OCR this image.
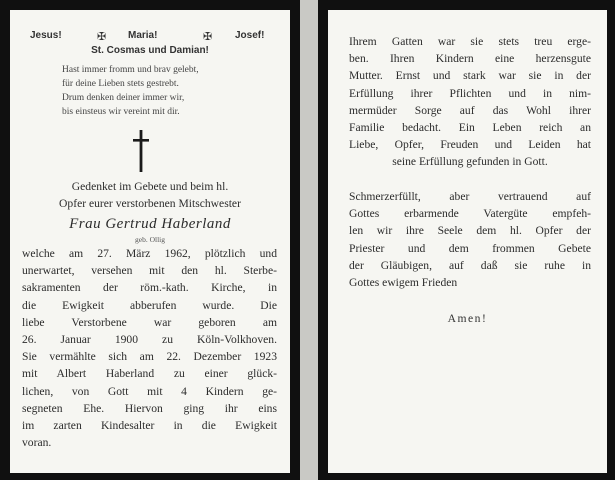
Jesus!	✠ Maria!	✠ Josef!
St. Cosmas und Damian!
Hast immer fromm und brav gelebt,
für deine Lieben stets gestrebt.
Drum denken deiner immer wir,
bis einsteus wir vereint mit dir.
Gedenket im Gebete und beim hl.
Opfer eurer verstorbenen Mitschwester
Frau Gertrud Haberland
geb. Ollig
welche am 27. März 1962, plötzlich und
unerwartet, versehen mit den hl. Sterbe-
sakramenten der röm.-kath. Kirche, in
die Ewigkeit abberufen wurde. Die
liebe Verstorbene war geboren am
26. Januar 1900 zu Köln-Volkhoven.
Sie vermählte sich am 22. Dezember 1923
mit Albert Haberland zu einer glück-
lichen, von Gott mit 4 Kindern ge-
segneten Ehe. Hiervon ging ihr eins
im zarten Kindesalter in die Ewigkeit
voran.
Ihrem Gatten war sie stets treu erge-
ben. Ihren Kindern eine herzensgute
Mutter. Ernst und stark war sie in der
Erfüllung ihrer Pflichten und in nim-
mermüder Sorge auf das Wohl ihrer
Familie bedacht. Ein Leben reich an
Liebe, Opfer, Freuden und Leiden hat
seine Erfüllung gefunden in Gott.
Schmerzerfüllt, aber vertrauend auf
Gottes erbarmende Vatergüte empfeh-
len wir ihre Seele dem hl. Opfer der
Priester und dem frommen Gebete
der Gläubigen, auf daß sie ruhe in
Gottes ewigem Frieden
Amen!
